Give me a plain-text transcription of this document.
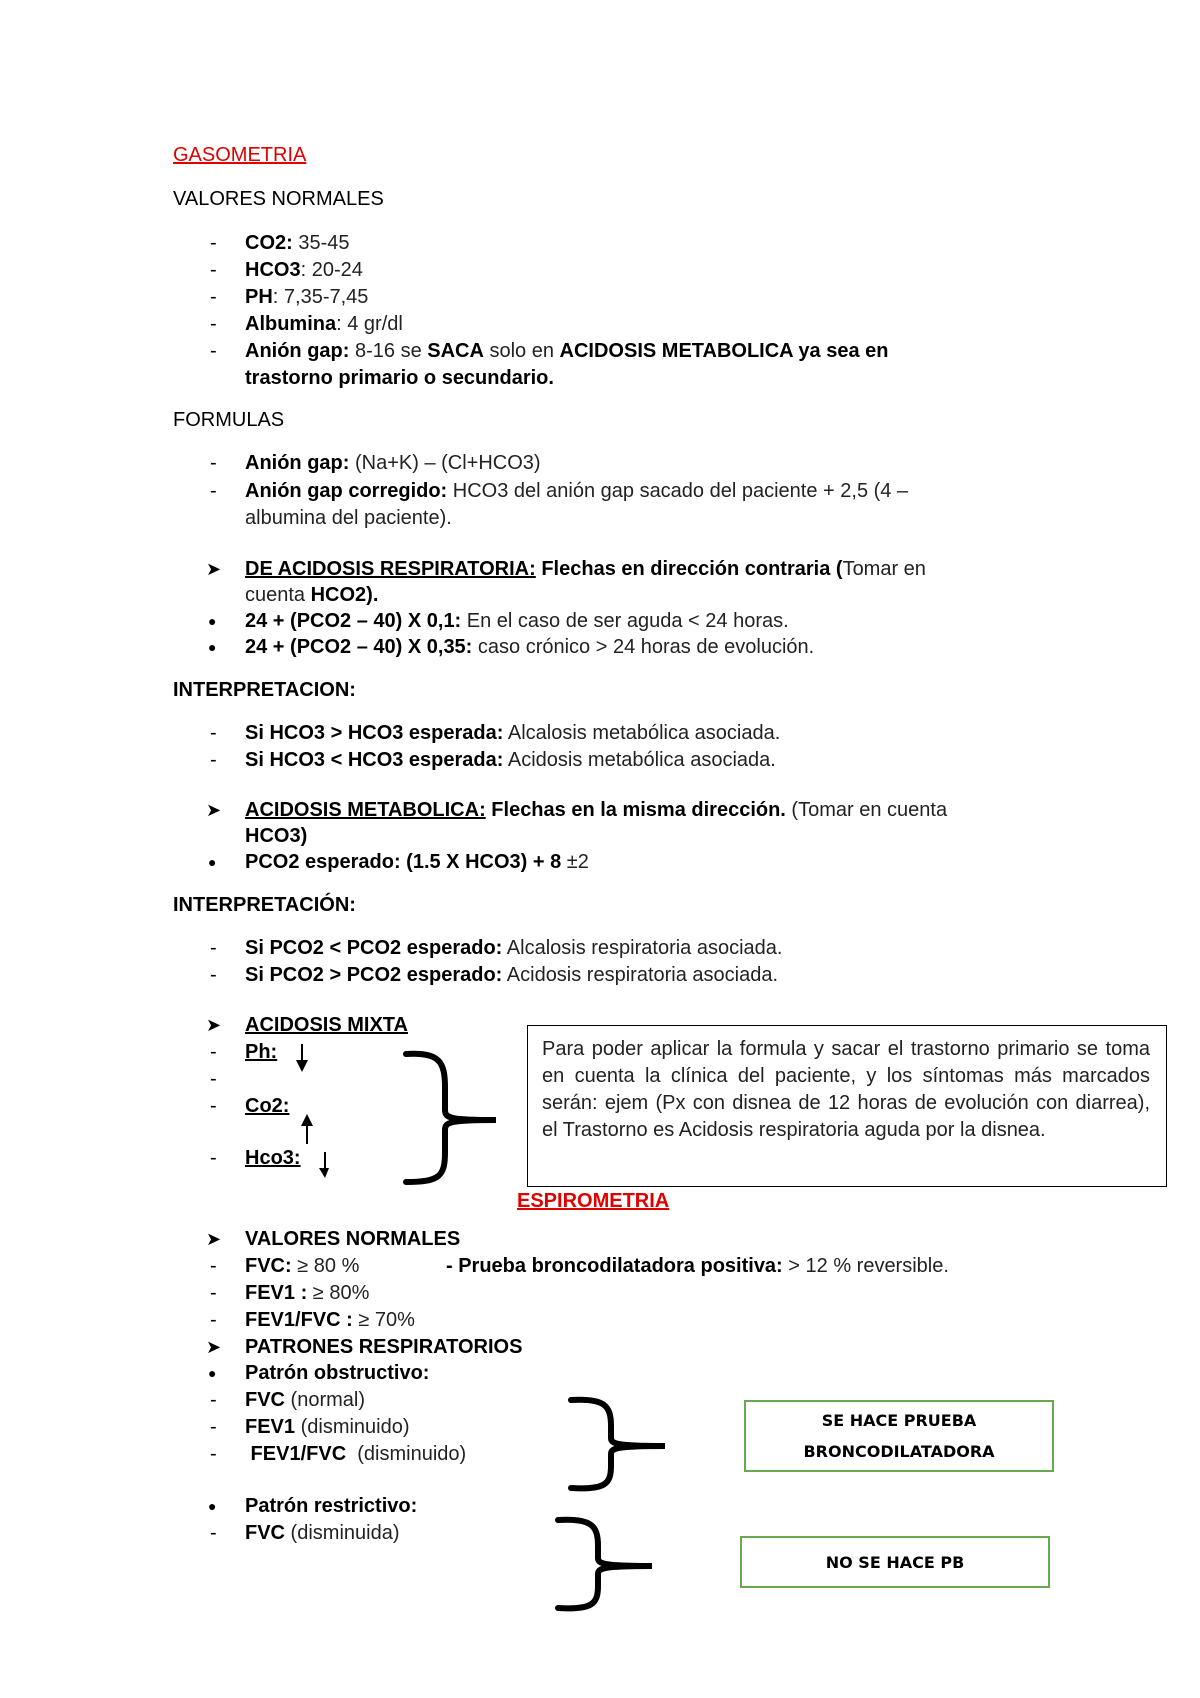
GASOMETRIA
VALORES NORMALES
- CO2: 35-45
- HCO3: 20-24
- PH: 7,35-7,45
- Albumina: 4 gr/dl
- Anión gap: 8-16 se SACA solo en ACIDOSIS METABOLICA ya sea en
trastorno primario o secundario.
FORMULAS
- Anión gap: (Na+K) – (Cl+HCO3)
- Anión gap corregido: HCO3 del anión gap sacado del paciente + 2,5 (4 –
albumina del paciente).
➤ DE ACIDOSIS RESPIRATORIA: Flechas en dirección contraria (Tomar en
cuenta HCO2).
● 24 + (PCO2 – 40) X 0,1: En el caso de ser aguda < 24 horas.
● 24 + (PCO2 – 40) X 0,35: caso crónico > 24 horas de evolución.
INTERPRETACION:
- Si HCO3 > HCO3 esperada: Alcalosis metabólica asociada.
- Si HCO3 < HCO3 esperada: Acidosis metabólica asociada.
➤ ACIDOSIS METABOLICA: Flechas en la misma dirección. (Tomar en cuenta
HCO3)
● PCO2 esperado: (1.5 X HCO3) + 8 ±2
INTERPRETACIÓN:
- Si PCO2 < PCO2 esperado: Alcalosis respiratoria asociada.
- Si PCO2 > PCO2 esperado: Acidosis respiratoria asociada.
➤ ACIDOSIS MIXTA
- Ph:
-
- Co2:
- Hco3:
Para poder aplicar la formula y sacar el trastorno primario se toma en cuenta la clínica del paciente, y los síntomas más marcados serán: ejem (Px con disnea de 12 horas de evolución con diarrea), el Trastorno es Acidosis respiratoria aguda por la disnea.
ESPIROMETRIA
➤ VALORES NORMALES
- FVC: ≥ 80 %	- Prueba broncodilatadora positiva: > 12 % reversible.
- FEV1 : ≥ 80%
- FEV1/FVC : ≥ 70%
➤ PATRONES RESPIRATORIOS
● Patrón obstructivo:
- FVC (normal)
- FEV1 (disminuido)
- FEV1/FVC  (disminuido)
SE HACE PRUEBA BRONCODILATADORA
● Patrón restrictivo:
- FVC (disminuida)
NO SE HACE PB
